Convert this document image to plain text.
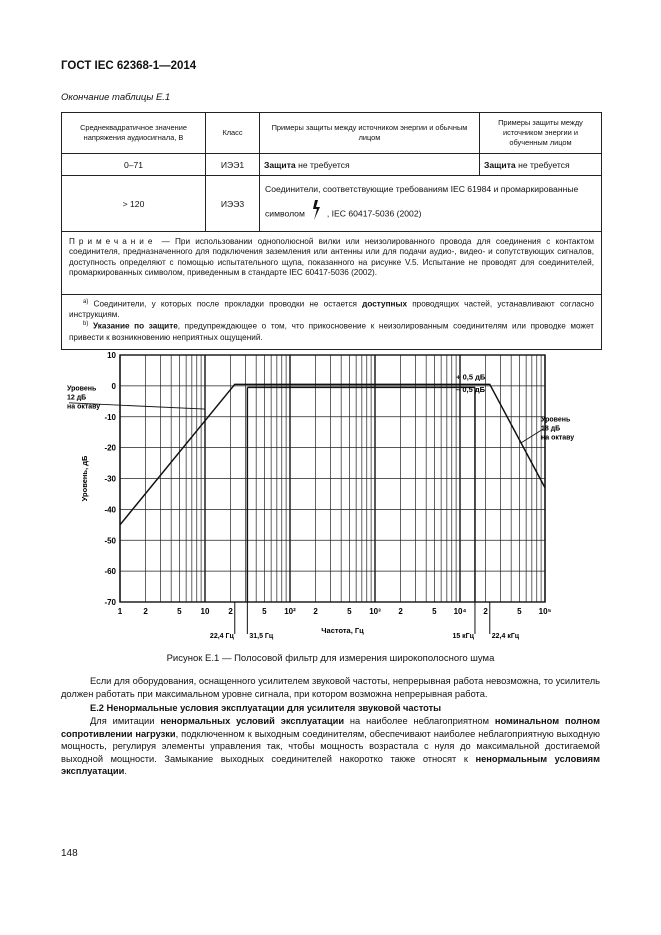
ГОСТ IEC 62368-1—2014
Окончание таблицы Е.1
Среднеквадратичное значение напряжения аудиосигнала, В	Класс	Примеры защиты между источником энергии и обычным лицом	Примеры защиты между источником энергии и обученным лицом
0–71	ИЭЭ1	Защита не требуется	Защита не требуется
> 120	ИЭЭ3	Соединители, соответствующие требованиям IEC 61984 и промаркированные символом , IEC 60417-5036 (2002)	
Примечание — При использовании однополюсной вилки или неизолированного провода для соединения с контактом соединителя, предназначенного для подключения заземления или антенны или для подачи аудио-, видео- и сопутствующих сигналов, доступность определяют с помощью испытательного щупа, показанного на рисунке V.5. Испытание не проводят для соединителей, промаркированных символом, приведенным в стандарте IEC 60417-5036 (2002).			

$^{a)}$ Соединители, у которых после прокладки проводки не остается доступных проводящих частей, устанавливают согласно инструкциям.

$^{b)}$ Указание по защите, предупреждающее о том, что прикосновение к неизолированным соединителям или проводке может привести к возникновению неприятных ощущений.			

10
0
-10
-20
-30
-40
-50
-60
-70
1	2	5 10 2	5 10² 2	5 10³ 2	5 10⁴ 2	5 10⁵
+ 0,5 дБ
– 0,5 дБ
22,4 Гц 31,5 Гц	15 кГц	22,4 кГц
Частота, Гц
Уровень, дБ
Уровень
12 дБ
на октаву
Уровень
18 дБ
на октаву
Рисунок Е.1 — Полосовой фильтр для измерения широкополосного шума
Если для оборудования, оснащенного усилителем звуковой частоты, непрерывная работа невозможна, то усилитель должен работать при максимальном уровне сигнала, при котором возможна непрерывная работа.
Е.2 Ненормальные условия эксплуатации для усилителя звуковой частоты
Для имитации ненормальных условий эксплуатации на наиболее неблагоприятном номинальном полном сопротивлении нагрузки, подключенном к выходным соединителям, обеспечивают наиболее неблагоприятную выходную мощность, регулируя элементы управления так, чтобы мощность возрастала с нуля до максимальной достигаемой выходной мощности. Замыкание выходных соединителей накоротко также относят к ненормальным условиям эксплуатации.
148
